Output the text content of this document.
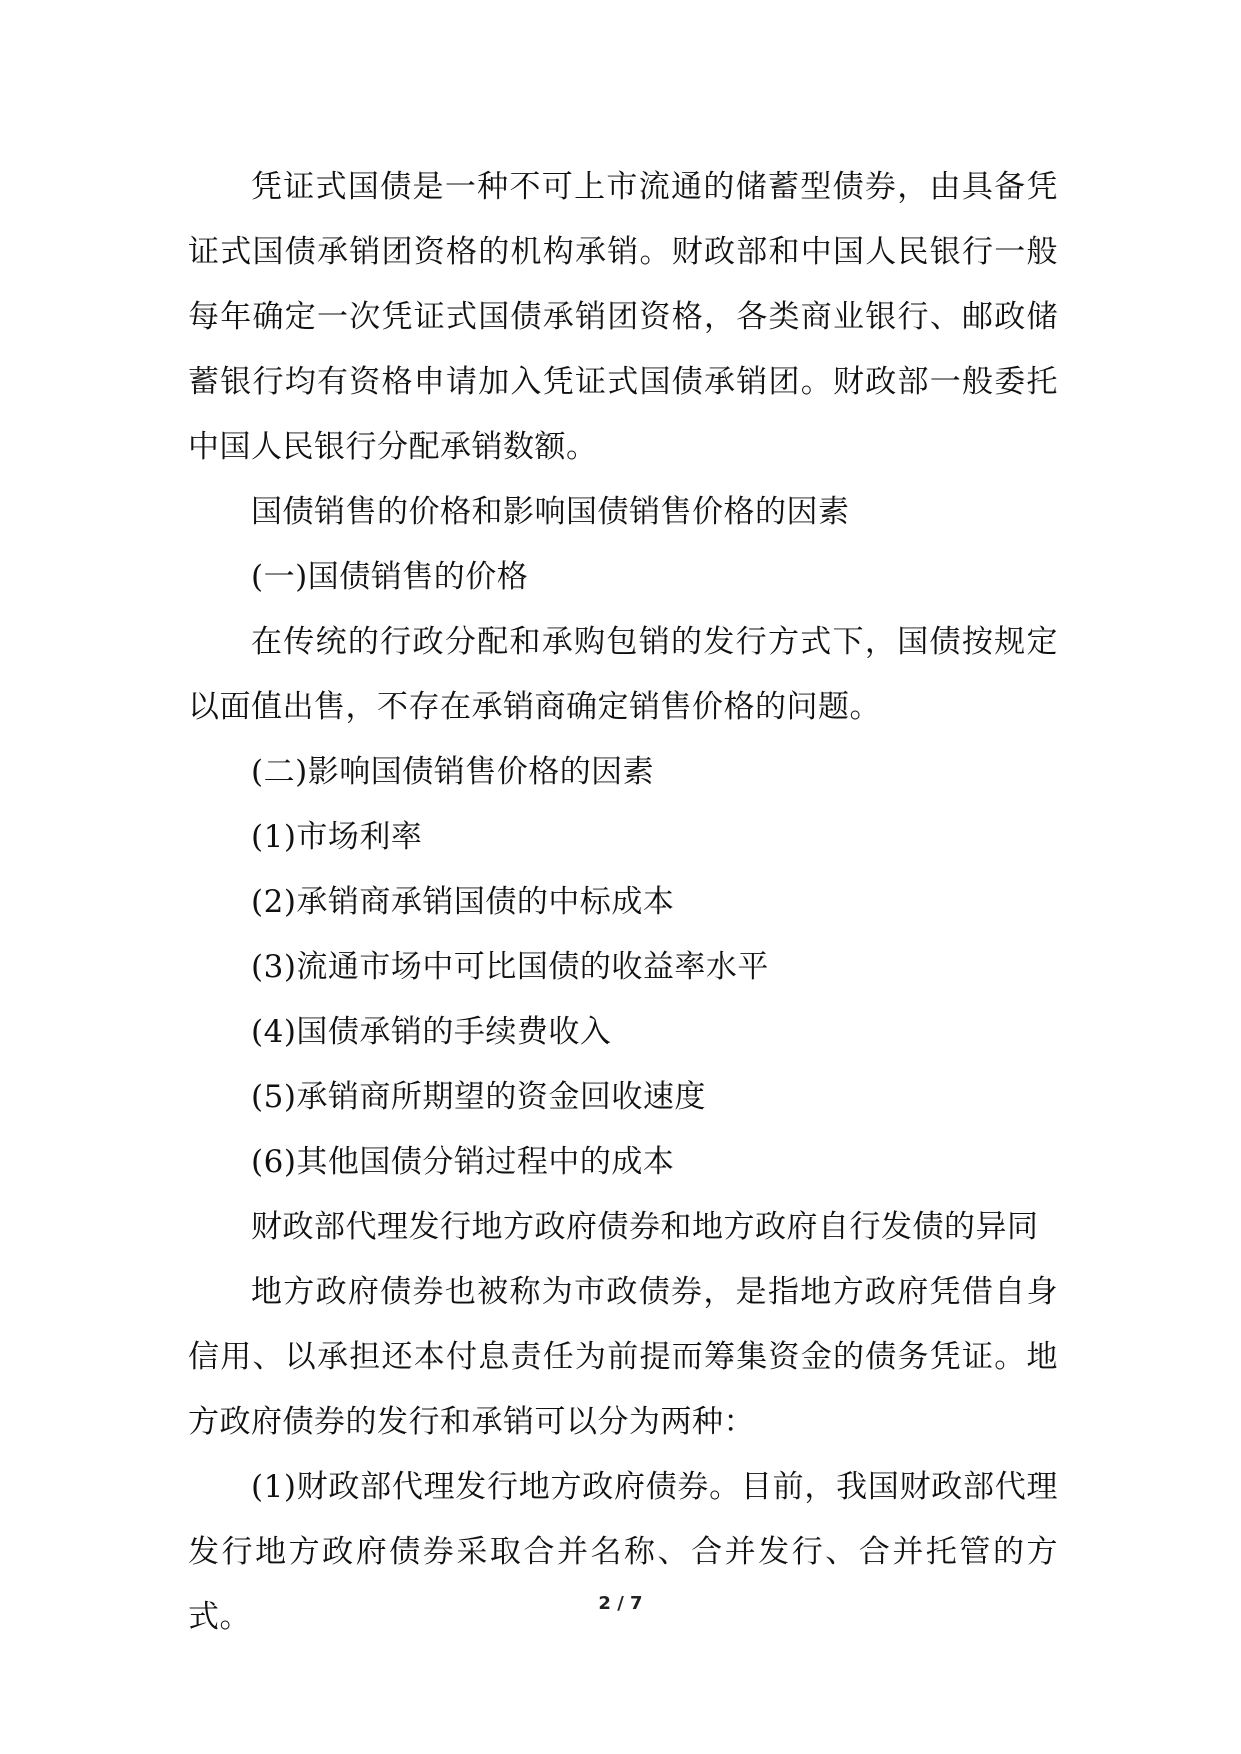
凭证式国债是一种不可上市流通的储蓄型债券，由具备凭证式国债承销团资格的机构承销。财政部和中国人民银行一般每年确定一次凭证式国债承销团资格，各类商业银行、邮政储蓄银行均有资格申请加入凭证式国债承销团。财政部一般委托中国人民银行分配承销数额。

国债销售的价格和影响国债销售价格的因素

(一)国债销售的价格

在传统的行政分配和承购包销的发行方式下，国债按规定以面值出售，不存在承销商确定销售价格的问题。

(二)影响国债销售价格的因素

(1)市场利率

(2)承销商承销国债的中标成本

(3)流通市场中可比国债的收益率水平

(4)国债承销的手续费收入

(5)承销商所期望的资金回收速度

(6)其他国债分销过程中的成本

财政部代理发行地方政府债券和地方政府自行发债的异同

地方政府债券也被称为市政债券，是指地方政府凭借自身信用、以承担还本付息责任为前提而筹集资金的债务凭证。地方政府债券的发行和承销可以分为两种：

(1)财政部代理发行地方政府债券。目前，我国财政部代理发行地方政府债券采取合并名称、合并发行、合并托管的方式。	2 / 7
